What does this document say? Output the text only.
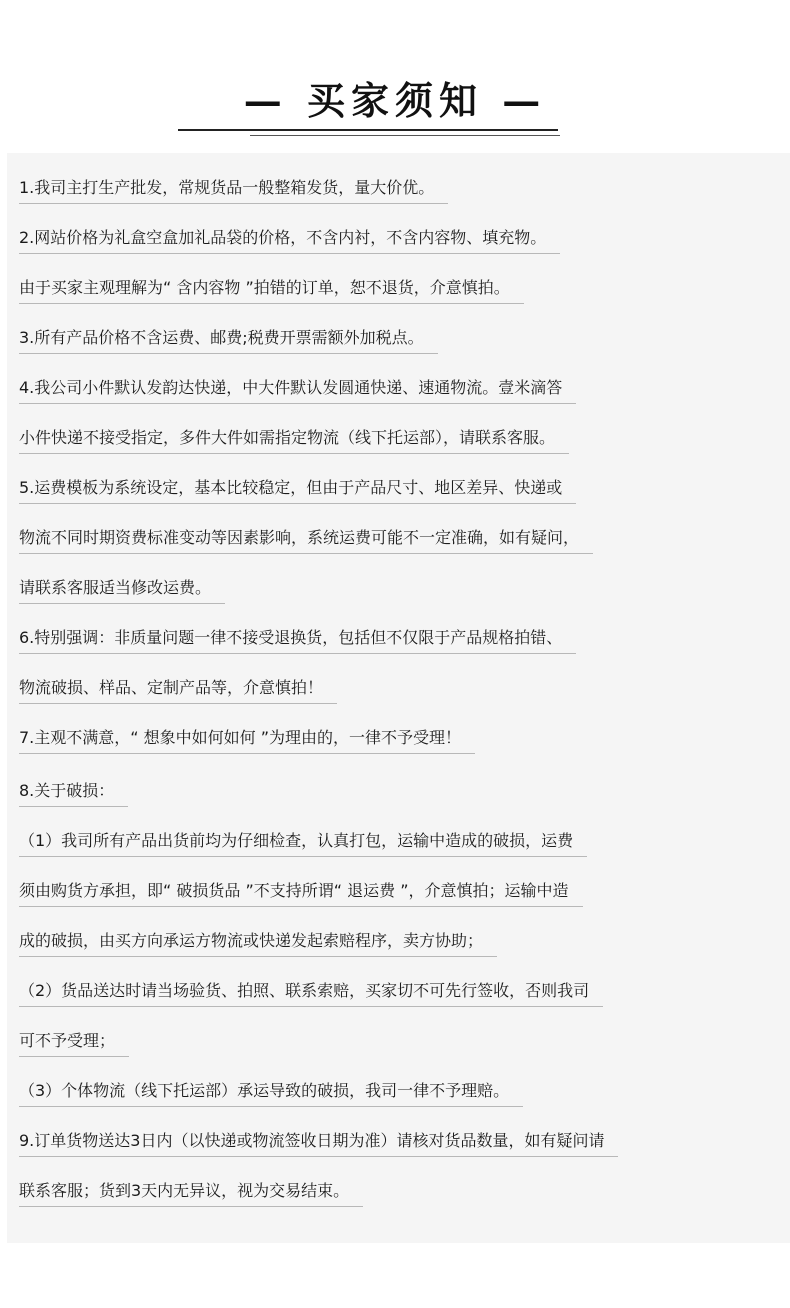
— 买家须知 —
1.我司主打生产批发，常规货品一般整箱发货，量大价优。
2.网站价格为礼盒空盒加礼品袋的价格，不含内衬，不含内容物、填充物。
由于买家主观理解为“ 含内容物 ”拍错的订单，恕不退货，介意慎拍。
3.所有产品价格不含运费、邮费;税费开票需额外加税点。
4.我公司小件默认发韵达快递，中大件默认发圆通快递、速通物流。壹米滴答
小件快递不接受指定，多件大件如需指定物流（线下托运部），请联系客服。
5.运费模板为系统设定，基本比较稳定，但由于产品尺寸、地区差异、快递或
物流不同时期资费标准变动等因素影响，系统运费可能不一定准确，如有疑问，
请联系客服适当修改运费。
6.特别强调：非质量问题一律不接受退换货，包括但不仅限于产品规格拍错、
物流破损、样品、定制产品等，介意慎拍！
7.主观不满意，“ 想象中如何如何 ”为理由的，一律不予受理！
8.关于破损：
（1）我司所有产品出货前均为仔细检查，认真打包，运输中造成的破损，运费
须由购货方承担，即“ 破损货品 ”不支持所谓“ 退运费 ”，介意慎拍；运输中造
成的破损，由买方向承运方物流或快递发起索赔程序，卖方协助；
（2）货品送达时请当场验货、拍照、联系索赔，买家切不可先行签收，否则我司
可不予受理；
（3）个体物流（线下托运部）承运导致的破损，我司一律不予理赔。
9.订单货物送达3日内（以快递或物流签收日期为准）请核对货品数量，如有疑问请
联系客服；货到3天内无异议，视为交易结束。
